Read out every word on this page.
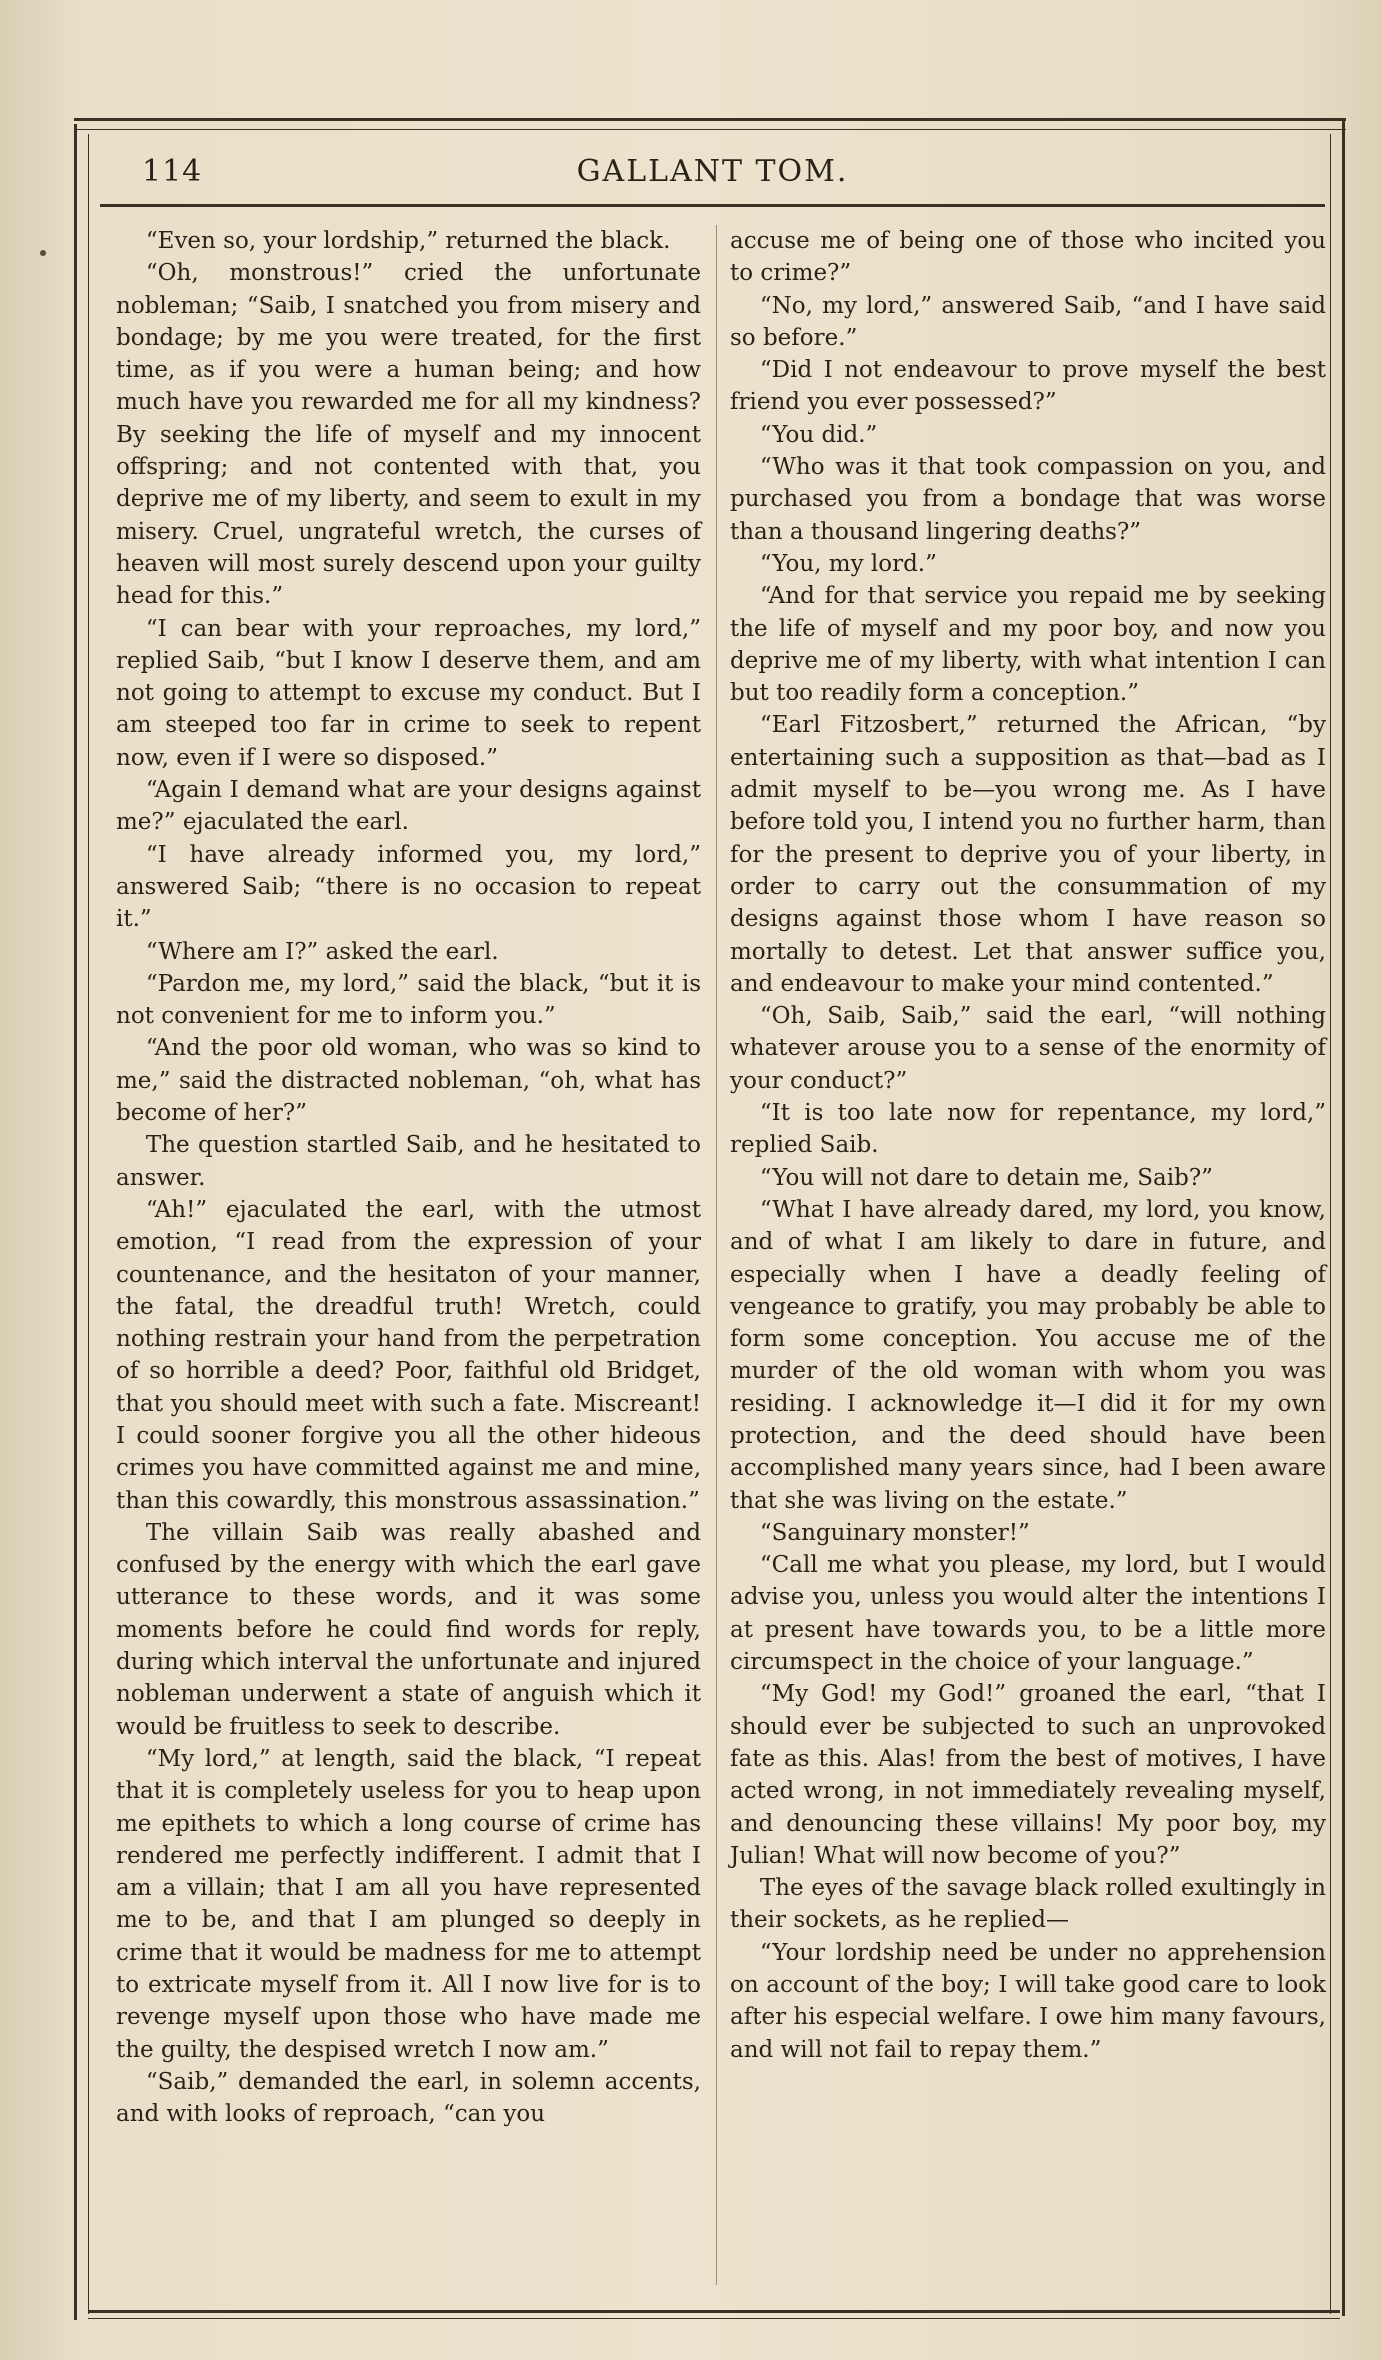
114	GALLANT TOM.

“Even so, your lordship,” returned the black.

“Oh, monstrous!” cried the unfortunate nobleman; “Saib, I snatched you from misery and bondage; by me you were treated, for the first time, as if you were a human being; and how much have you rewarded me for all my kindness? By seeking the life of myself and my innocent offspring; and not contented with that, you deprive me of my liberty, and seem to exult in my misery. Cruel, ungrateful wretch, the curses of heaven will most surely descend upon your guilty head for this.”

“I can bear with your reproaches, my lord,” replied Saib, “but I know I deserve them, and am not going to attempt to excuse my conduct. But I am steeped too far in crime to seek to repent now, even if I were so disposed.”

“Again I demand what are your designs against me?” ejaculated the earl.

“I have already informed you, my lord,” answered Saib; “there is no occasion to repeat it.”

“Where am I?” asked the earl.

“Pardon me, my lord,” said the black, “but it is not convenient for me to inform you.”

“And the poor old woman, who was so kind to me,” said the distracted nobleman, “oh, what has become of her?”

The question startled Saib, and he hesitated to answer.

“Ah!” ejaculated the earl, with the utmost emotion, “I read from the expression of your countenance, and the hesitaton of your manner, the fatal, the dreadful truth! Wretch, could nothing restrain your hand from the perpetration of so horrible a deed? Poor, faithful old Bridget, that you should meet with such a fate. Miscreant! I could sooner forgive you all the other hideous crimes you have committed against me and mine, than this cowardly, this monstrous assassination.”

The villain Saib was really abashed and confused by the energy with which the earl gave utterance to these words, and it was some moments before he could find words for reply, during which interval the unfortunate and injured nobleman underwent a state of anguish which it would be fruitless to seek to describe.

“My lord,” at length, said the black, “I repeat that it is completely useless for you to heap upon me epithets to which a long course of crime has rendered me perfectly indifferent. I admit that I am a villain; that I am all you have represented me to be, and that I am plunged so deeply in crime that it would be madness for me to attempt to extricate myself from it. All I now live for is to revenge myself upon those who have made me the guilty, the despised wretch I now am.”

“Saib,” demanded the earl, in solemn accents, and with looks of reproach, “can you

accuse me of being one of those who incited you to crime?”

“No, my lord,” answered Saib, “and I have said so before.”

“Did I not endeavour to prove myself the best friend you ever possessed?”

“You did.”

“Who was it that took compassion on you, and purchased you from a bondage that was worse than a thousand lingering deaths?”

“You, my lord.”

“And for that service you repaid me by seeking the life of myself and my poor boy, and now you deprive me of my liberty, with what intention I can but too readily form a conception.”

“Earl Fitzosbert,” returned the African, “by entertaining such a supposition as that—bad as I admit myself to be—you wrong me. As I have before told you, I intend you no further harm, than for the present to deprive you of your liberty, in order to carry out the consummation of my designs against those whom I have reason so mortally to detest. Let that answer suffice you, and endeavour to make your mind contented.”

“Oh, Saib, Saib,” said the earl, “will nothing whatever arouse you to a sense of the enormity of your conduct?”

“It is too late now for repentance, my lord,” replied Saib.

“You will not dare to detain me, Saib?”

“What I have already dared, my lord, you know, and of what I am likely to dare in future, and especially when I have a deadly feeling of vengeance to gratify, you may probably be able to form some conception. You accuse me of the murder of the old woman with whom you was residing. I acknowledge it—I did it for my own protection, and the deed should have been accomplished many years since, had I been aware that she was living on the estate.”

“Sanguinary monster!”

“Call me what you please, my lord, but I would advise you, unless you would alter the intentions I at present have towards you, to be a little more circumspect in the choice of your language.”

“My God! my God!” groaned the earl, “that I should ever be subjected to such an unprovoked fate as this. Alas! from the best of motives, I have acted wrong, in not immediately revealing myself, and denouncing these villains! My poor boy, my Julian! What will now become of you?”

The eyes of the savage black rolled exultingly in their sockets, as he replied—

“Your lordship need be under no apprehension on account of the boy; I will take good care to look after his especial welfare. I owe him many favours, and will not fail to repay them.”
